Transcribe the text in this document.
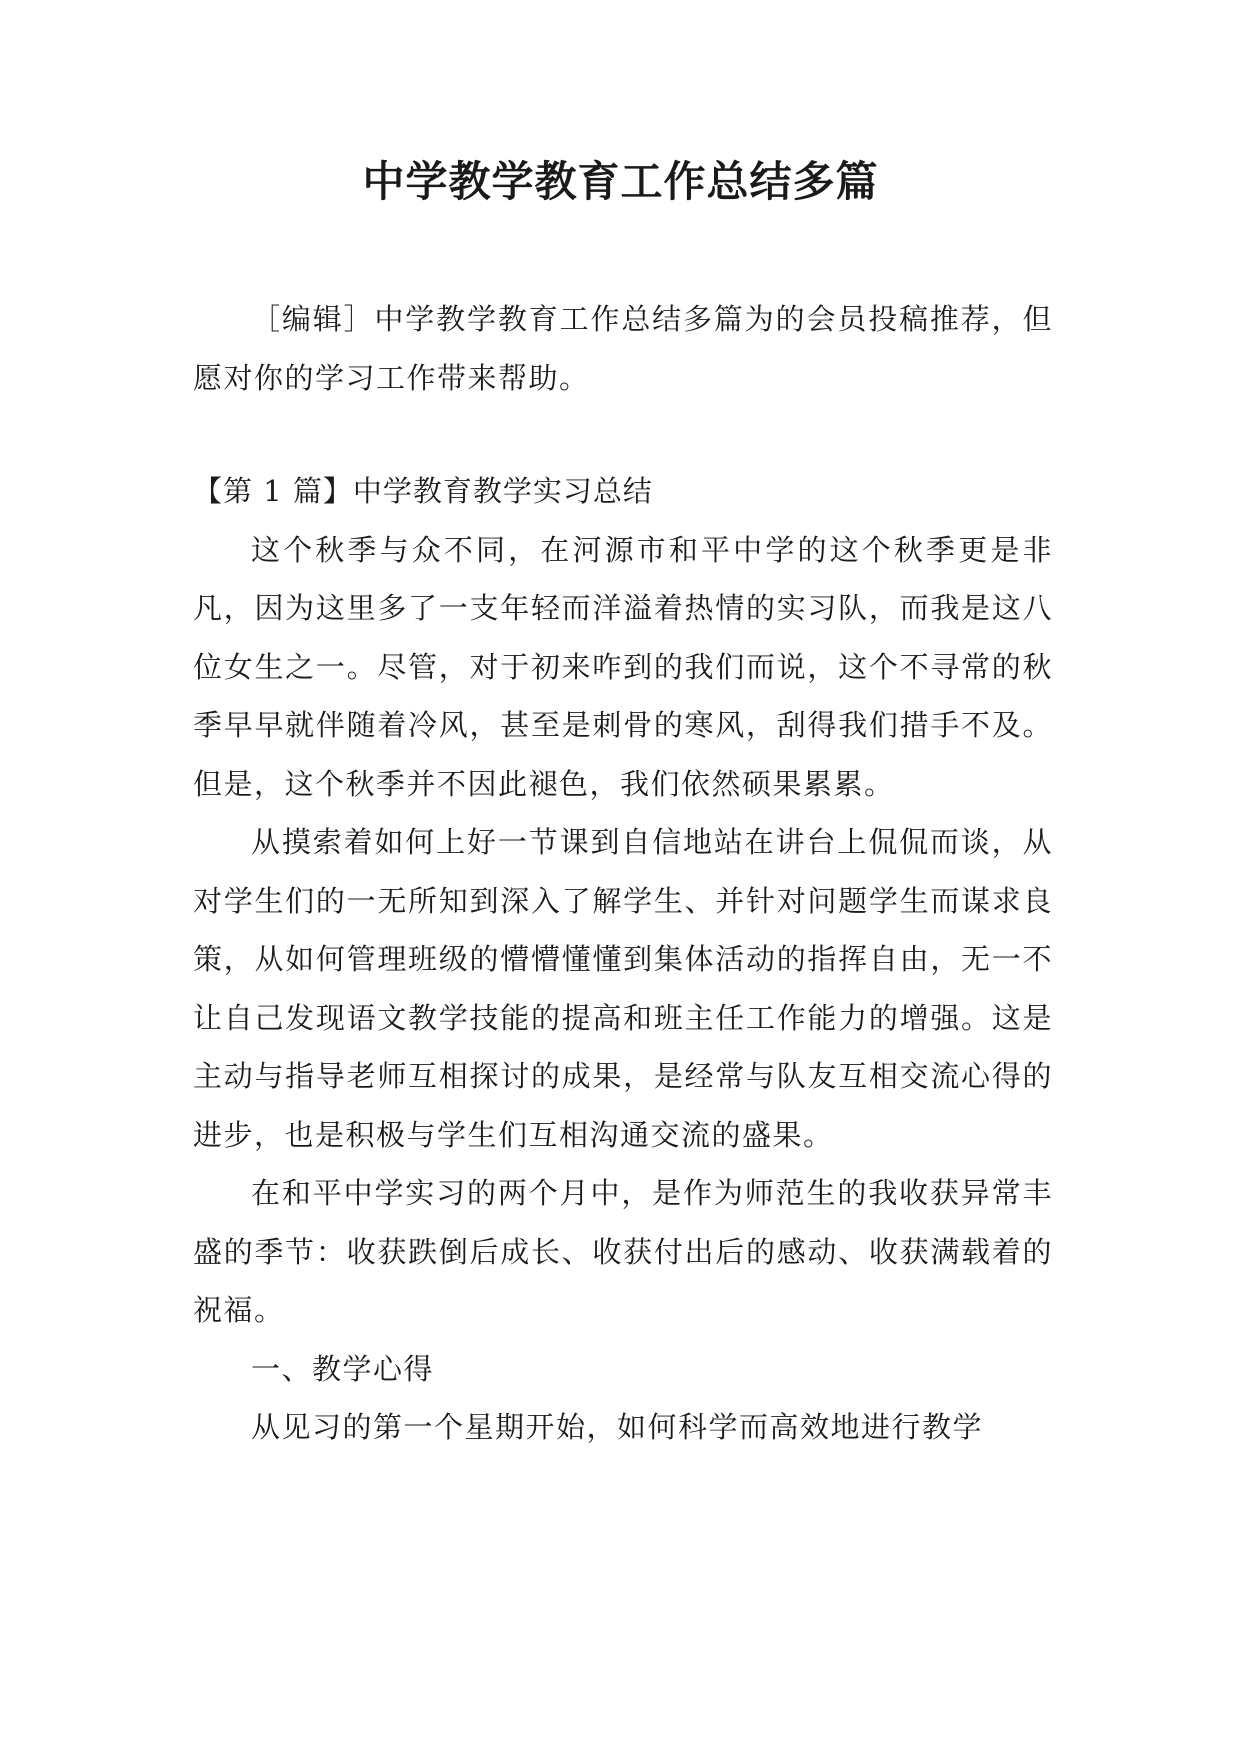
中学教学教育工作总结多篇

［编辑］中学教学教育工作总结多篇为的会员投稿推荐，但愿对你的学习工作带来帮助。

【第 1 篇】中学教育教学实习总结

这个秋季与众不同，在河源市和平中学的这个秋季更是非凡，因为这里多了一支年轻而洋溢着热情的实习队，而我是这八位女生之一。尽管，对于初来咋到的我们而说，这个不寻常的秋季早早就伴随着冷风，甚至是刺骨的寒风，刮得我们措手不及。但是，这个秋季并不因此褪色，我们依然硕果累累。

从摸索着如何上好一节课到自信地站在讲台上侃侃而谈，从对学生们的一无所知到深入了解学生、并针对问题学生而谋求良策，从如何管理班级的懵懵懂懂到集体活动的指挥自由，无一不让自己发现语文教学技能的提高和班主任工作能力的增强。这是主动与指导老师互相探讨的成果，是经常与队友互相交流心得的进步，也是积极与学生们互相沟通交流的盛果。

在和平中学实习的两个月中，是作为师范生的我收获异常丰盛的季节：收获跌倒后成长、收获付出后的感动、收获满载着的祝福。

一、教学心得

从见习的第一个星期开始，如何科学而高效地进行教学
